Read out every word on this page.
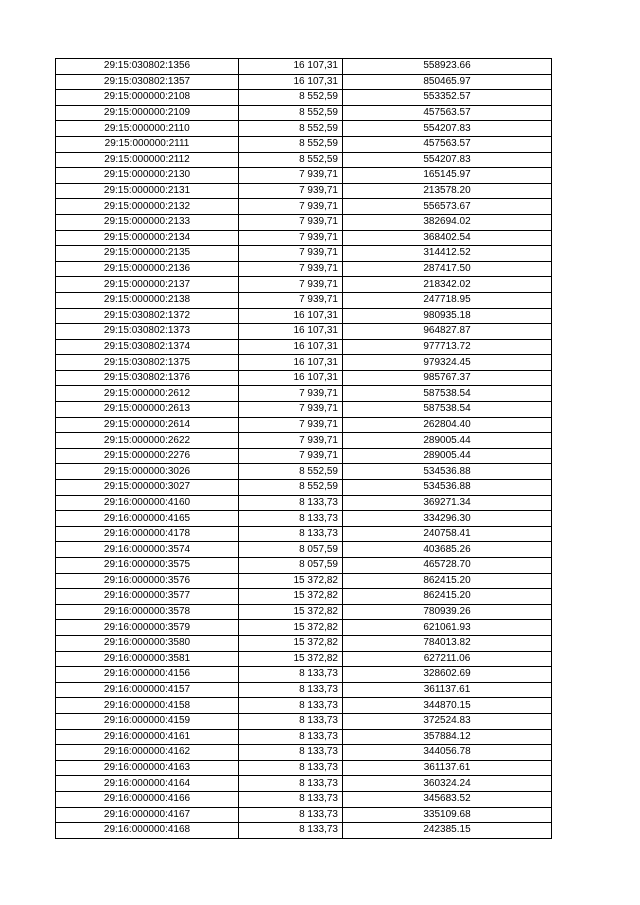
29:15:030802:1356	16 107,31	558923.66
29:15:030802:1357	16 107,31	850465.97
29:15:000000:2108	8 552,59	553352.57
29:15:000000:2109	8 552,59	457563.57
29:15:000000:2110	8 552,59	554207.83
29:15:000000:2111	8 552,59	457563.57
29:15:000000:2112	8 552,59	554207.83
29:15:000000:2130	7 939,71	165145.97
29:15:000000:2131	7 939,71	213578.20
29:15:000000:2132	7 939,71	556573.67
29:15:000000:2133	7 939,71	382694.02
29:15:000000:2134	7 939,71	368402.54
29:15:000000:2135	7 939,71	314412.52
29:15:000000:2136	7 939,71	287417.50
29:15:000000:2137	7 939,71	218342.02
29:15:000000:2138	7 939,71	247718.95
29:15:030802:1372	16 107,31	980935.18
29:15:030802:1373	16 107,31	964827.87
29:15:030802:1374	16 107,31	977713.72
29:15:030802:1375	16 107,31	979324.45
29:15:030802:1376	16 107,31	985767.37
29:15:000000:2612	7 939,71	587538.54
29:15:000000:2613	7 939,71	587538.54
29:15:000000:2614	7 939,71	262804.40
29:15:000000:2622	7 939,71	289005.44
29:15:000000:2276	7 939,71	289005.44
29:15:000000:3026	8 552,59	534536.88
29:15:000000:3027	8 552,59	534536.88
29:16:000000:4160	8 133,73	369271.34
29:16:000000:4165	8 133,73	334296.30
29:16:000000:4178	8 133,73	240758.41
29:16:000000:3574	8 057,59	403685.26
29:16:000000:3575	8 057,59	465728.70
29:16:000000:3576	15 372,82	862415.20
29:16:000000:3577	15 372,82	862415.20
29:16:000000:3578	15 372,82	780939.26
29:16:000000:3579	15 372,82	621061.93
29:16:000000:3580	15 372,82	784013.82
29:16:000000:3581	15 372,82	627211.06
29:16:000000:4156	8 133,73	328602.69
29:16:000000:4157	8 133,73	361137.61
29:16:000000:4158	8 133,73	344870.15
29:16:000000:4159	8 133,73	372524.83
29:16:000000:4161	8 133,73	357884.12
29:16:000000:4162	8 133,73	344056.78
29:16:000000:4163	8 133,73	361137.61
29:16:000000:4164	8 133,73	360324.24
29:16:000000:4166	8 133,73	345683.52
29:16:000000:4167	8 133,73	335109.68
29:16:000000:4168	8 133,73	242385.15
